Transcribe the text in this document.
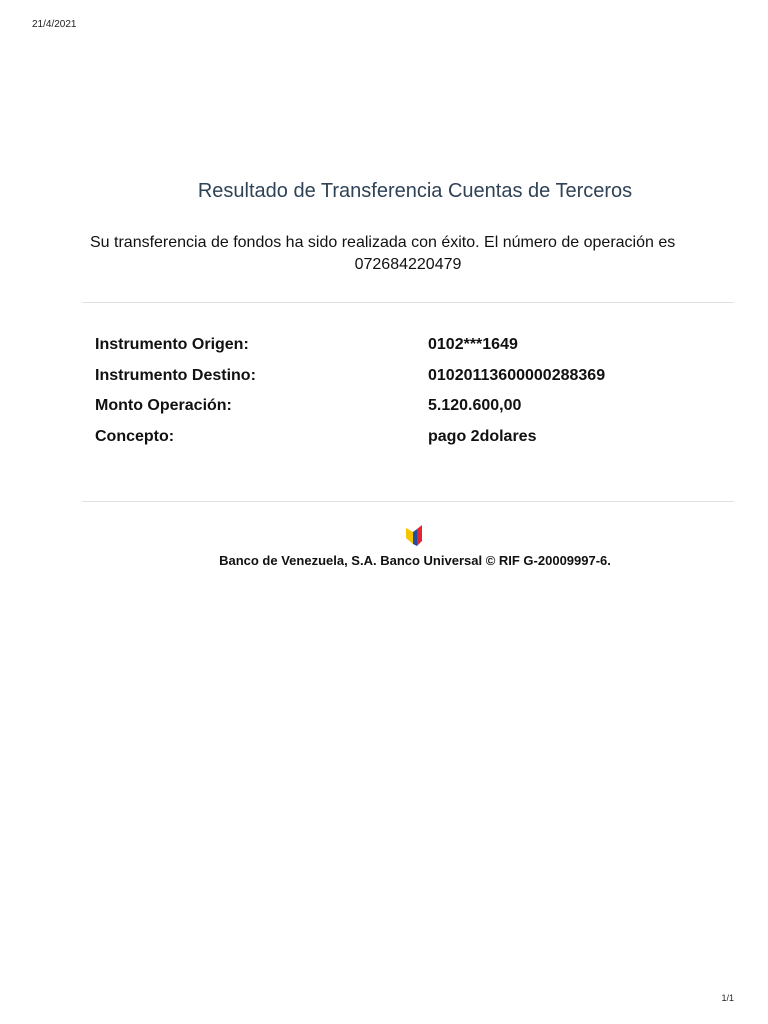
21/4/2021
Resultado de Transferencia Cuentas de Terceros
Su transferencia de fondos ha sido realizada con éxito. El número de operación es
072684220479
Instrumento Origen:	0102***1649
Instrumento Destino:	01020113600000288369
Monto Operación:	5.120.600,00
Concepto:	pago 2dolares
Banco de Venezuela, S.A. Banco Universal © RIF G-20009997-6.
1/1
